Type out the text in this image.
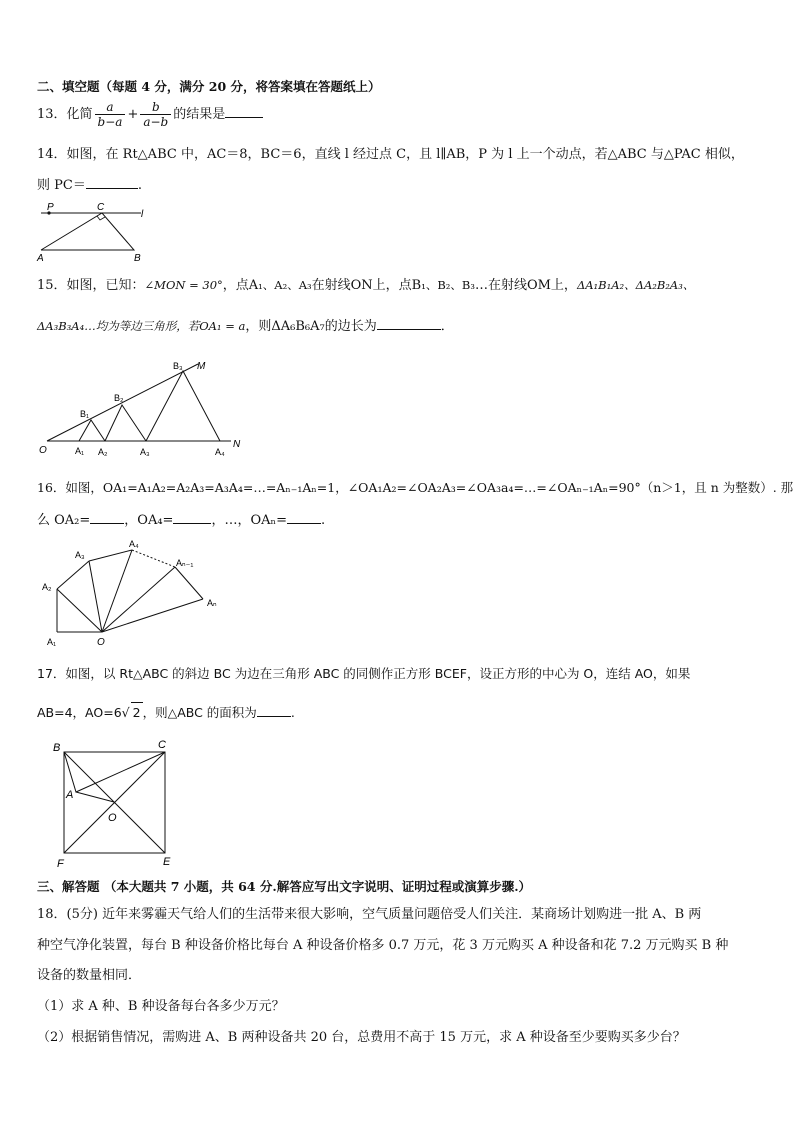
二、填空题（每题 4 分，满分 20 分，将答案填在答题纸上）
13．化简 $\frac{a}{b-a} + \frac{b}{a-b}$ 的结果是
14．如图，在 Rt△ABC 中，AC＝8，BC＝6，直线 l 经过点 C，且 l∥AB，P 为 l 上一个动点，若△ABC 与△PAC 相似，
则 PC＝	.
P	C
l
A	B
15．如图，已知：∠MON = 30°，点A₁、A₂、A₃在射线ON上，点B₁、B₂、B₃…在射线OM上，ΔA₁B₁A₂、ΔA₂B₂A₃、
ΔA₃B₃A₄…均为等边三角形，若OA₁ = a，则ΔA₆B₆A₇的边长为	．
O
M
N
B₁
B₂
B₃
A₁ A₂	A₃	A₄
16．如图，OA₁=A₁A₂=A₂A₃=A₃A₄=…=Aₙ₋₁Aₙ=1，∠OA₁A₂=∠OA₂A₃=∠OA₃a₄=…=∠OAₙ₋₁Aₙ=90°（n＞1，且 n 为整数）. 那
么 OA₂=	，OA₄=	，…，OAₙ=	.
A₁
A₂
A₃
A₄
Aₙ₋₁
Aₙ
O
17．如图，以 Rt△ABC 的斜边 BC 为边在三角形 ABC 的同侧作正方形 BCEF，设正方形的中心为 O，连结 AO，如果
AB=4，AO=6√ 2 ，则△ABC 的面积为	.
B	C
A
O
F	E
三、解答题 （本大题共 7 小题，共 64 分.解答应写出文字说明、证明过程或演算步骤.）
18．(5分) 近年来雾霾天气给人们的生活带来很大影响，空气质量问题倍受人们关注．某商场计划购进一批 A、B 两
种空气净化装置，每台 B 种设备价格比每台 A 种设备价格多 0.7 万元，花 3 万元购买 A 种设备和花 7.2 万元购买 B 种
设备的数量相同．
（1）求 A 种、B 种设备每台各多少万元？
（2）根据销售情况，需购进 A、B 两种设备共 20 台，总费用不高于 15 万元，求 A 种设备至少要购买多少台？
